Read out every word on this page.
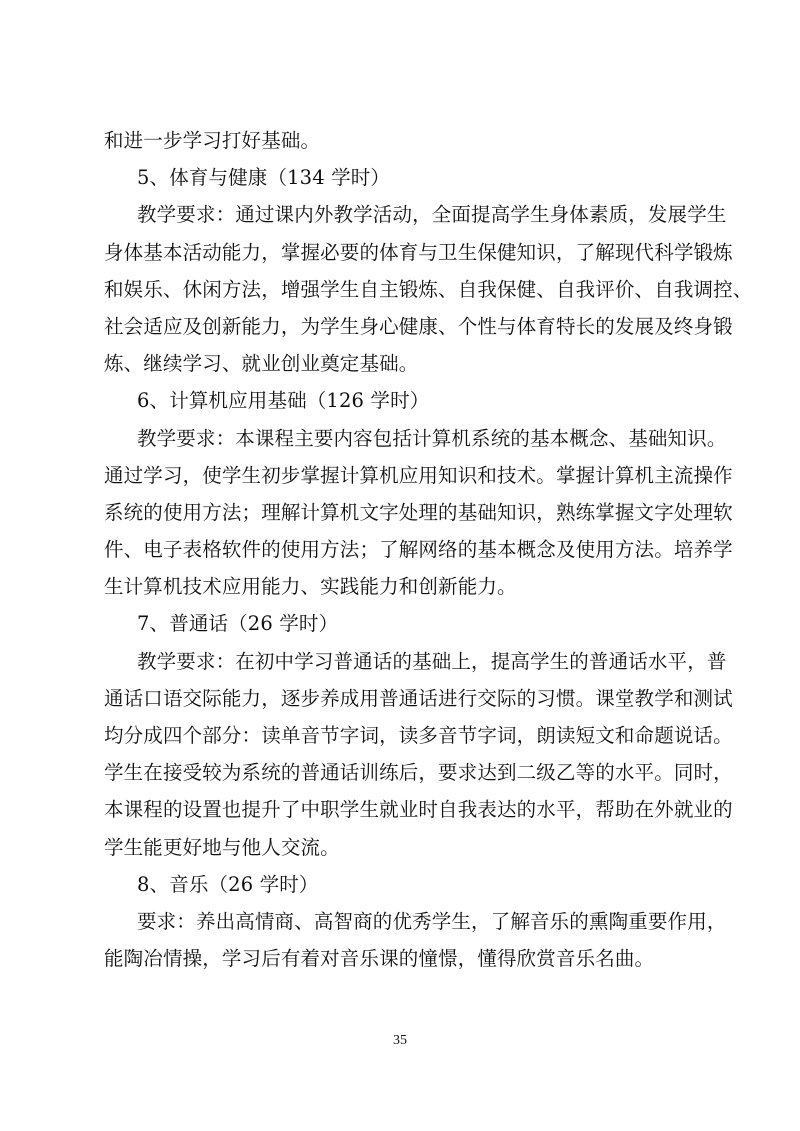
和进一步学习打好基础。
5、体育与健康（134 学时）
教学要求：通过课内外教学活动，全面提高学生身体素质，发展学生
身体基本活动能力，掌握必要的体育与卫生保健知识，了解现代科学锻炼
和娱乐、休闲方法，增强学生自主锻炼、自我保健、自我评价、自我调控、
社会适应及创新能力，为学生身心健康、个性与体育特长的发展及终身锻
炼、继续学习、就业创业奠定基础。
6、计算机应用基础（126 学时）
教学要求：本课程主要内容包括计算机系统的基本概念、基础知识。
通过学习，使学生初步掌握计算机应用知识和技术。掌握计算机主流操作
系统的使用方法；理解计算机文字处理的基础知识，熟练掌握文字处理软
件、电子表格软件的使用方法；了解网络的基本概念及使用方法。培养学
生计算机技术应用能力、实践能力和创新能力。
7、普通话（26 学时）
教学要求：在初中学习普通话的基础上，提高学生的普通话水平，普
通话口语交际能力，逐步养成用普通话进行交际的习惯。课堂教学和测试
均分成四个部分：读单音节字词，读多音节字词，朗读短文和命题说话。
学生在接受较为系统的普通话训练后，要求达到二级乙等的水平。同时，
本课程的设置也提升了中职学生就业时自我表达的水平，帮助在外就业的
学生能更好地与他人交流。
8、音乐（26 学时）
要求：养出高情商、高智商的优秀学生，了解音乐的熏陶重要作用，
能陶冶情操，学习后有着对音乐课的憧憬，懂得欣赏音乐名曲。
35
